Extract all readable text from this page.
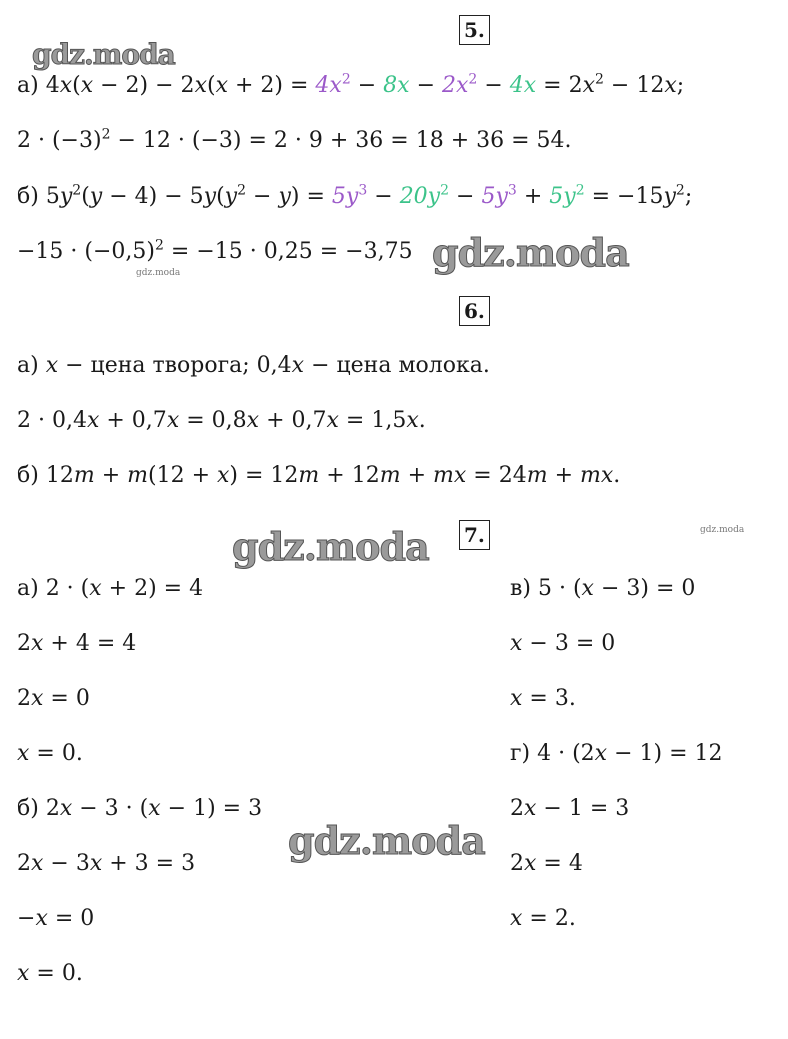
gdz.moda
gdz.moda
gdz.moda
gdz.moda	gdz.moda
gdz.moda
5.
а) $4x(x - 2) - 2x(x + 2) = 4x^2 - 8x - 2x^2 - 4x = 2x^2 - 12x$;
$2 \cdot (-3)^2 - 12 \cdot (-3) = 2 \cdot 9 + 36 = 18 + 36 = 54$.
б) $5y^2(y - 4) - 5y(y^2 - y) = 5y^3 - 20y^2 - 5y^3 + 5y^2 = -15y^2$;
$-15 \cdot (-0,5)^2 = -15 \cdot 0,25 = -3,75$
6.
а) x − цена творога; 0,4x − цена молока.
2 · 0,4x + 0,7x = 0,8x + 0,7x = 1,5x.
б) 12m + m(12 + x) = 12m + 12m + mx = 24m + mx.
7.
а) 2 · (x + 2) = 4
2x + 4 = 4
2x = 0
x = 0.
б) 2x − 3 · (x − 1) = 3
2x − 3x + 3 = 3
−x = 0
x = 0.
в) 5 · (x − 3) = 0
x − 3 = 0
x = 3.
г) 4 · (2x − 1) = 12
2x − 1 = 3
2x = 4
x = 2.
